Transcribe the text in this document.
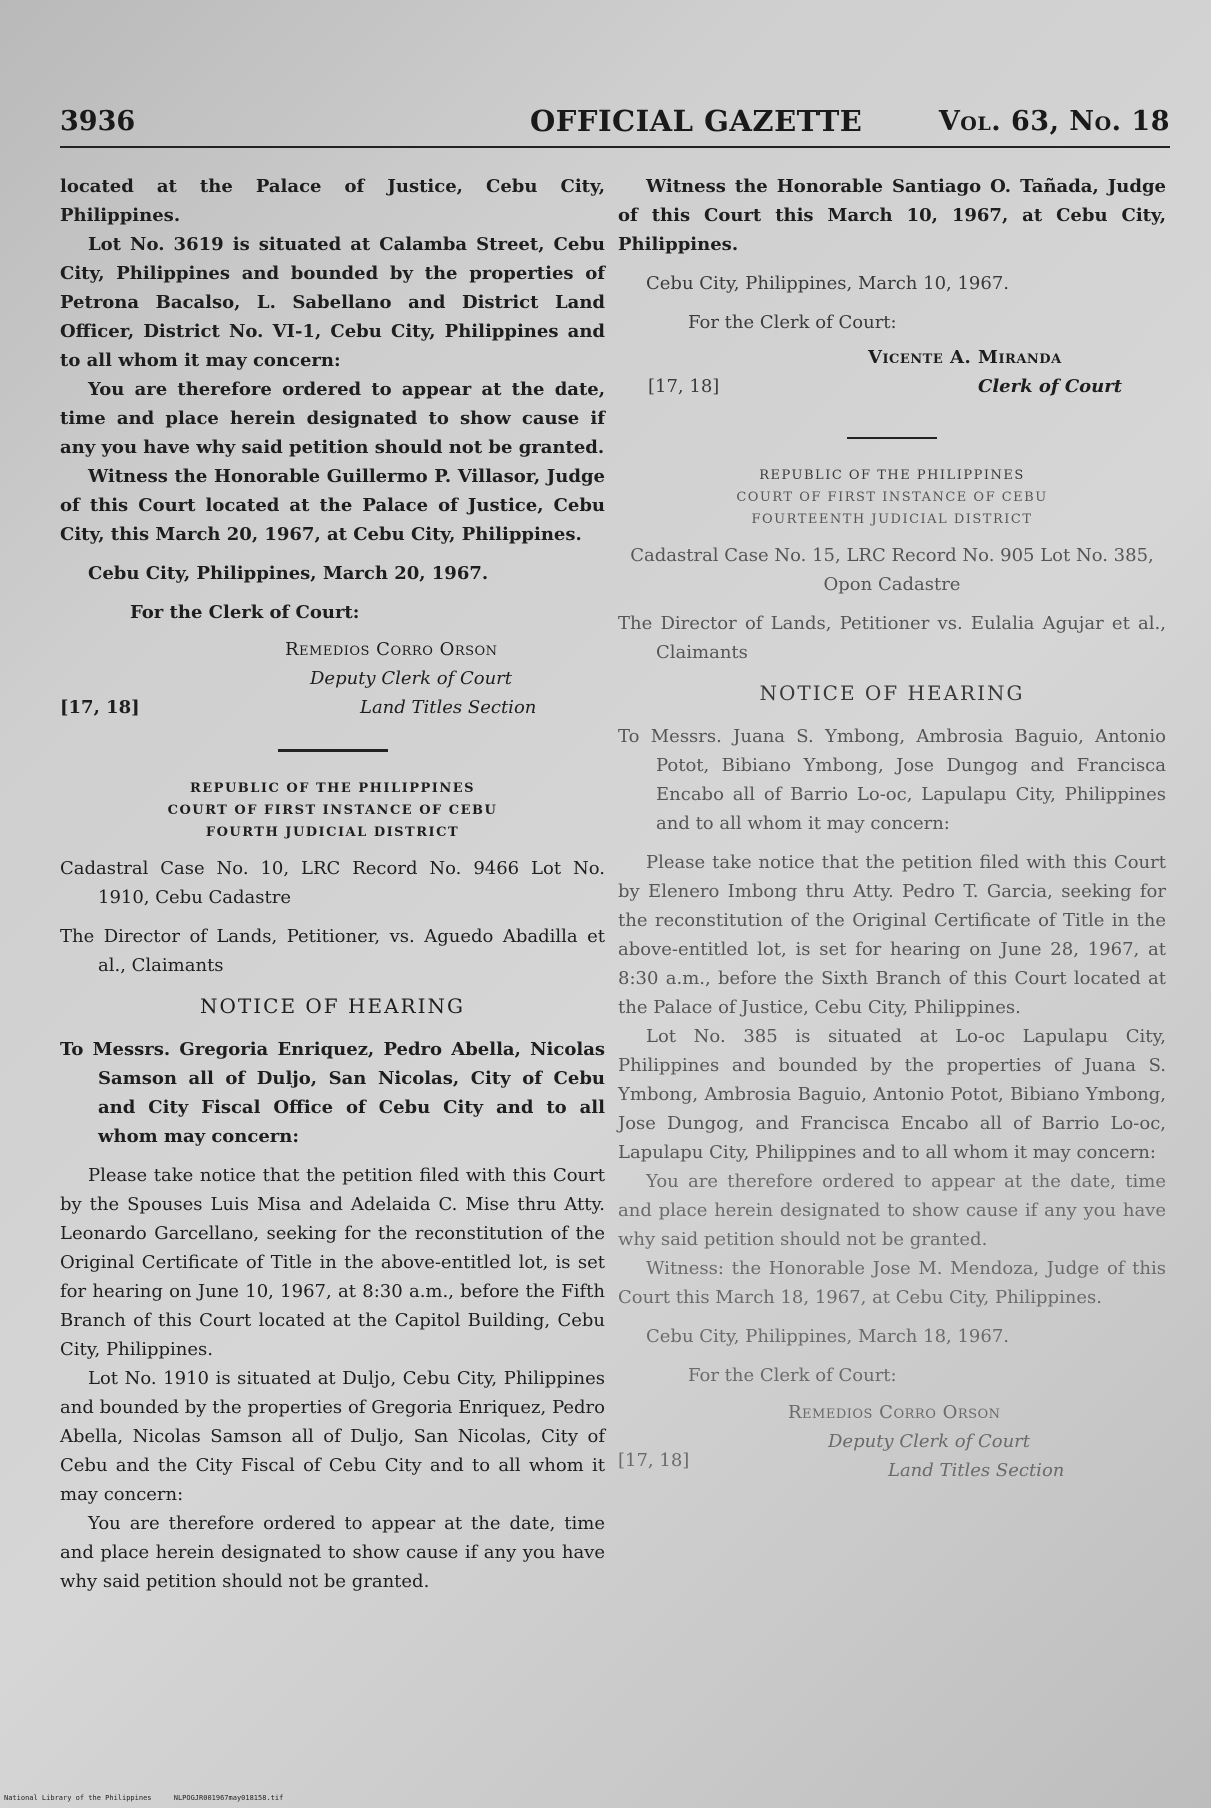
3936	OFFICIAL GAZETTE	Vol. 63, No. 18

located at the Palace of Justice, Cebu City, Philippines.

Lot No. 3619 is situated at Calamba Street, Cebu City, Philippines and bounded by the properties of Petrona Bacalso, L. Sabellano and District Land Officer, District No. VI-1, Cebu City, Philippines and to all whom it may concern:

You are therefore ordered to appear at the date, time and place herein designated to show cause if any you have why said petition should not be granted.

Witness the Honorable Guillermo P. Villasor, Judge of this Court located at the Palace of Justice, Cebu City, this March 20, 1967, at Cebu City, Philippines.

Cebu City, Philippines, March 20, 1967.

For the Clerk of Court:

Remedios Corro Orson
Deputy Clerk of Court
Land Titles Section
[17, 18]
REPUBLIC OF THE PHILIPPINES
COURT OF FIRST INSTANCE OF CEBU
FOURTH JUDICIAL DISTRICT

Cadastral Case No. 10, LRC Record No. 9466 Lot No. 1910, Cebu Cadastre

The Director of Lands, Petitioner, vs. Aguedo Abadilla et al., Claimants

NOTICE OF HEARING

To Messrs. Gregoria Enriquez, Pedro Abella, Nicolas Samson all of Duljo, San Nicolas, City of Cebu and City Fiscal Office of Cebu City and to all whom may concern:

Please take notice that the petition filed with this Court by the Spouses Luis Misa and Adelaida C. Mise thru Atty. Leonardo Garcellano, seeking for the reconstitution of the Original Certificate of Title in the above-entitled lot, is set for hearing on June 10, 1967, at 8:30 a.m., before the Fifth Branch of this Court located at the Capitol Building, Cebu City, Philippines.

Lot No. 1910 is situated at Duljo, Cebu City, Philippines and bounded by the properties of Gregoria Enriquez, Pedro Abella, Nicolas Samson all of Duljo, San Nicolas, City of Cebu and the City Fiscal of Cebu City and to all whom it may concern:

You are therefore ordered to appear at the date, time and place herein designated to show cause if any you have why said petition should not be granted.

Witness the Honorable Santiago O. Tañada, Judge of this Court this March 10, 1967, at Cebu City, Philippines.

Cebu City, Philippines, March 10, 1967.

For the Clerk of Court:

Vicente A. Miranda
Clerk of Court
[17, 18]
REPUBLIC OF THE PHILIPPINES
COURT OF FIRST INSTANCE OF CEBU
FOURTEENTH JUDICIAL DISTRICT

Cadastral Case No. 15, LRC Record No. 905 Lot No. 385, Opon Cadastre

The Director of Lands, Petitioner vs. Eulalia Agujar et al., Claimants

NOTICE OF HEARING

To Messrs. Juana S. Ymbong, Ambrosia Baguio, Antonio Potot, Bibiano Ymbong, Jose Dungog and Francisca Encabo all of Barrio Lo-oc, Lapulapu City, Philippines and to all whom it may concern:

Please take notice that the petition filed with this Court by Elenero Imbong thru Atty. Pedro T. Garcia, seeking for the reconstitution of the Original Certificate of Title in the above-entitled lot, is set for hearing on June 28, 1967, at 8:30 a.m., before the Sixth Branch of this Court located at the Palace of Justice, Cebu City, Philippines.

Lot No. 385 is situated at Lo-oc Lapulapu City, Philippines and bounded by the properties of Juana S. Ymbong, Ambrosia Baguio, Antonio Potot, Bibiano Ymbong, Jose Dungog, and Francisca Encabo all of Barrio Lo-oc, Lapulapu City, Philippines and to all whom it may concern:

You are therefore ordered to appear at the date, time and place herein designated to show cause if any you have why said petition should not be granted.

Witness: the Honorable Jose M. Mendoza, Judge of this Court this March 18, 1967, at Cebu City, Philippines.

Cebu City, Philippines, March 18, 1967.

For the Clerk of Court:

Remedios Corro Orson
Deputy Clerk of Court
Land Titles Section
[17, 18]
National Library of the Philippines	NLPOGJR001967may018158.tif
